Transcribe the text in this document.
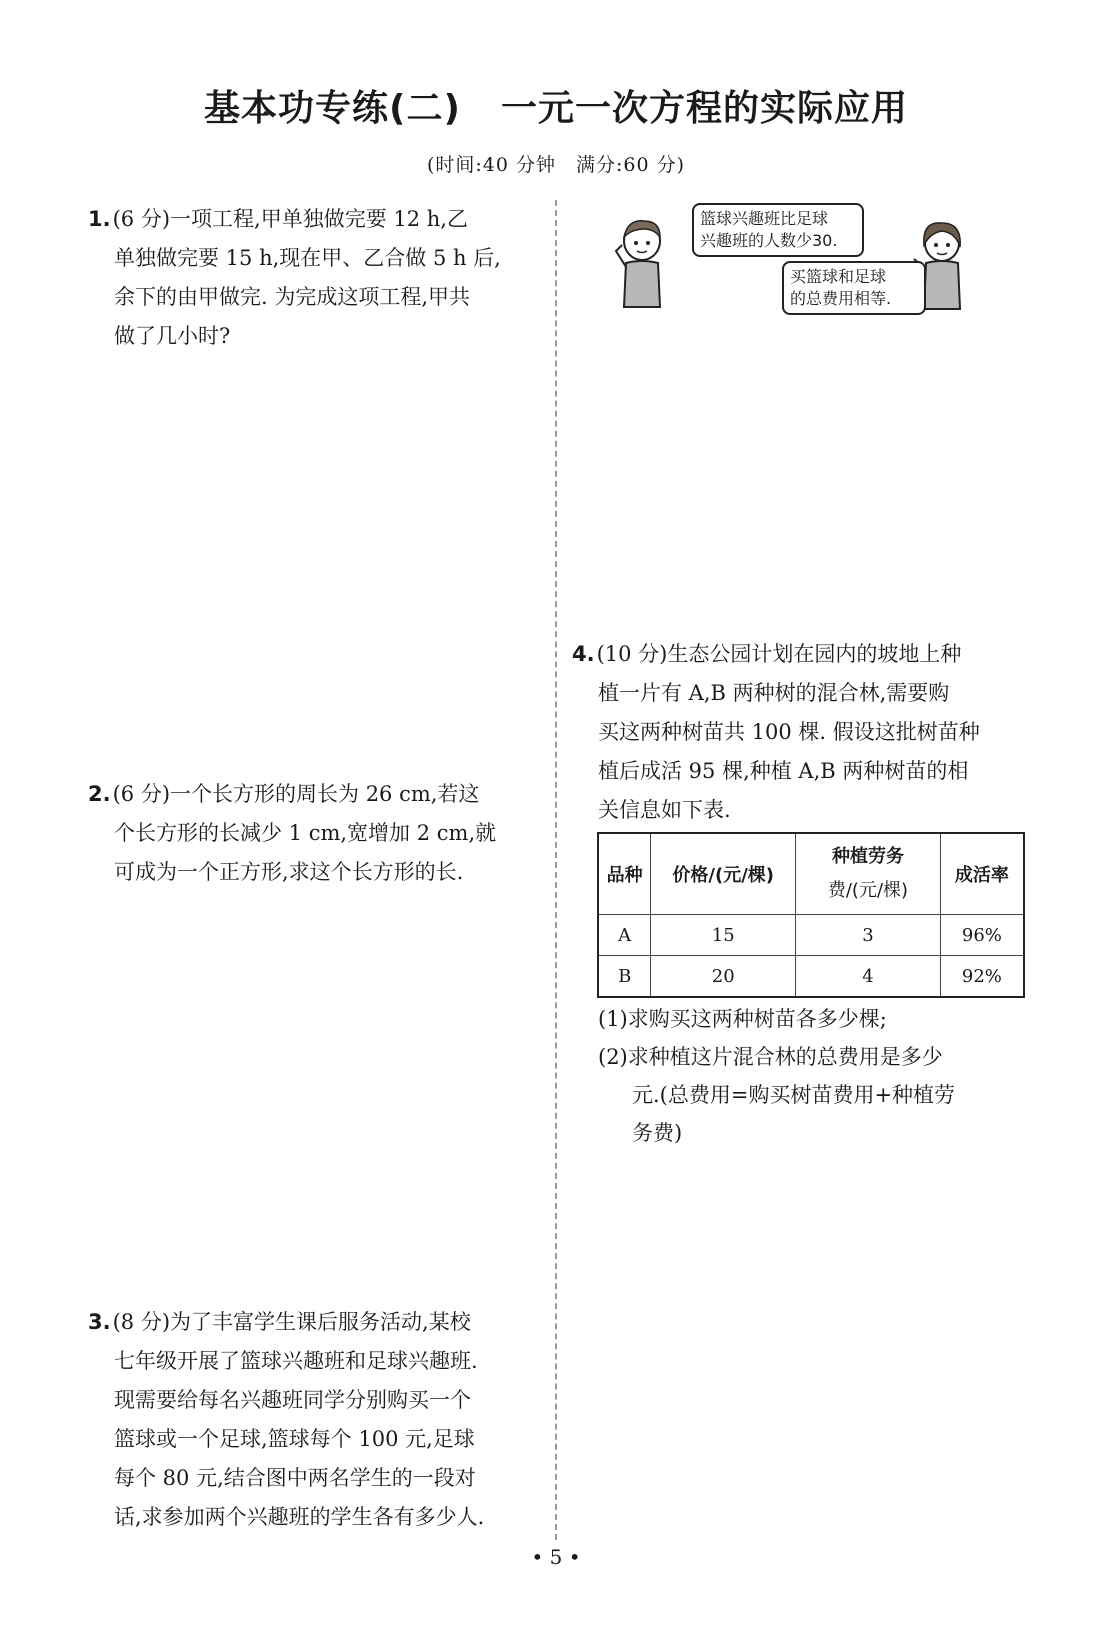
基本功专练(二) 一元一次方程的实际应用
(时间:40 分钟　满分:60 分)
1.(6 分)一项工程,甲单独做完要 12 h,乙
单独做完要 15 h,现在甲、乙合做 5 h 后,
余下的由甲做完. 为完成这项工程,甲共
做了几小时?
2.(6 分)一个长方形的周长为 26 cm,若这
个长方形的长减少 1 cm,宽增加 2 cm,就
可成为一个正方形,求这个长方形的长.
3.(8 分)为了丰富学生课后服务活动,某校
七年级开展了篮球兴趣班和足球兴趣班.
现需要给每名兴趣班同学分别购买一个
篮球或一个足球,篮球每个 100 元,足球
每个 80 元,结合图中两名学生的一段对
话,求参加两个兴趣班的学生各有多少人.
篮球兴趣班比足球
兴趣班的人数少30.
买篮球和足球
的总费用相等.
4.(10 分)生态公园计划在园内的坡地上种
植一片有 A,B 两种树的混合林,需要购
买这两种树苗共 100 棵. 假设这批树苗种
植后成活 95 棵,种植 A,B 两种树苗的相
关信息如下表.
品种	价格/(元/棵)	种植劳务
费/(元/棵)	成活率
A	15	3	96%
B	20	4	92%
(1)求购买这两种树苗各多少棵;
(2)求种植这片混合林的总费用是多少
元.(总费用=购买树苗费用+种植劳
务费)
• 5 •
